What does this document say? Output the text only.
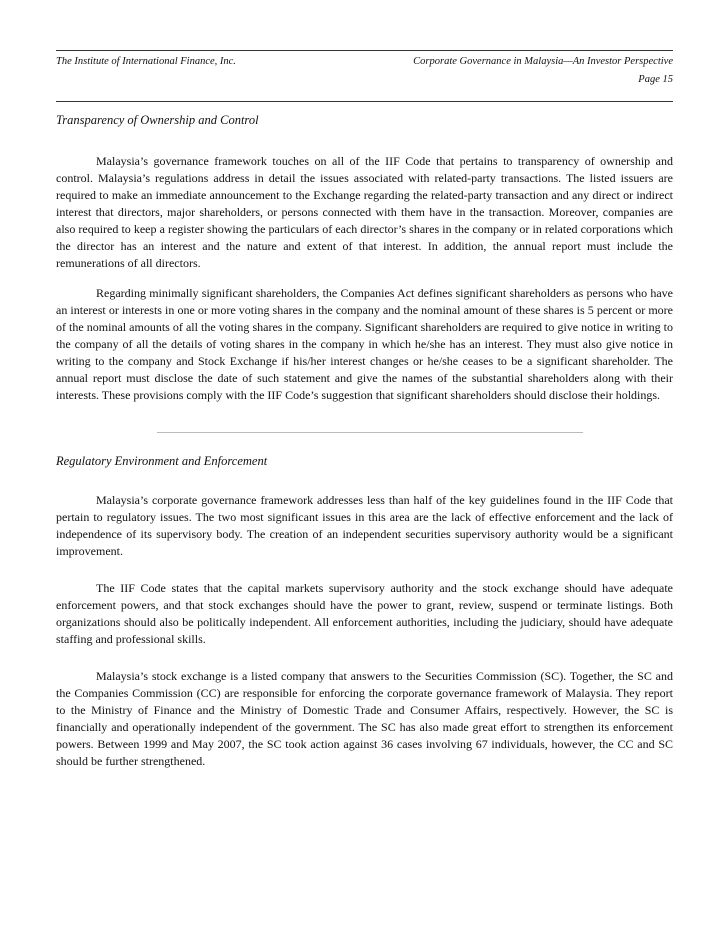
The Institute of International Finance, Inc.	Corporate Governance in Malaysia—An Investor Perspective
Page 15
Transparency of Ownership and Control

Malaysia’s governance framework touches on all of the IIF Code that pertains to transparency of ownership and control. Malaysia’s regulations address in detail the issues associated with related-party transactions. The listed issuers are required to make an immediate announcement to the Exchange regarding the related-party transaction and any direct or indirect interest that directors, major shareholders, or persons connected with them have in the transaction. Moreover, companies are also required to keep a register showing the particulars of each director’s shares in the company or in related corporations which the director has an interest and the nature and extent of that interest. In addition, the annual report must include the remunerations of all directors.

Regarding minimally significant shareholders, the Companies Act defines significant shareholders as persons who have an interest or interests in one or more voting shares in the company and the nominal amount of these shares is 5 percent or more of the nominal amounts of all the voting shares in the company. Significant shareholders are required to give notice in writing to the company of all the details of voting shares in the company in which he/she has an interest. They must also give notice in writing to the company and Stock Exchange if his/her interest changes or he/she ceases to be a significant shareholder. The annual report must disclose the date of such statement and give the names of the substantial shareholders along with their interests. These provisions comply with the IIF Code’s suggestion that significant shareholders should disclose their holdings.

Regulatory Environment and Enforcement

Malaysia’s corporate governance framework addresses less than half of the key guidelines found in the IIF Code that pertain to regulatory issues. The two most significant issues in this area are the lack of effective enforcement and the lack of independence of its supervisory body. The creation of an independent securities supervisory authority would be a significant improvement.

The IIF Code states that the capital markets supervisory authority and the stock exchange should have adequate enforcement powers, and that stock exchanges should have the power to grant, review, suspend or terminate listings. Both organizations should also be politically independent. All enforcement authorities, including the judiciary, should have adequate staffing and professional skills.

Malaysia’s stock exchange is a listed company that answers to the Securities Commission (SC). Together, the SC and the Companies Commission (CC) are responsible for enforcing the corporate governance framework of Malaysia. They report to the Ministry of Finance and the Ministry of Domestic Trade and Consumer Affairs, respectively. However, the SC is financially and operationally independent of the government. The SC has also made great effort to strengthen its enforcement powers. Between 1999 and May 2007, the SC took action against 36 cases involving 67 individuals, however, the CC and SC should be further strengthened.
